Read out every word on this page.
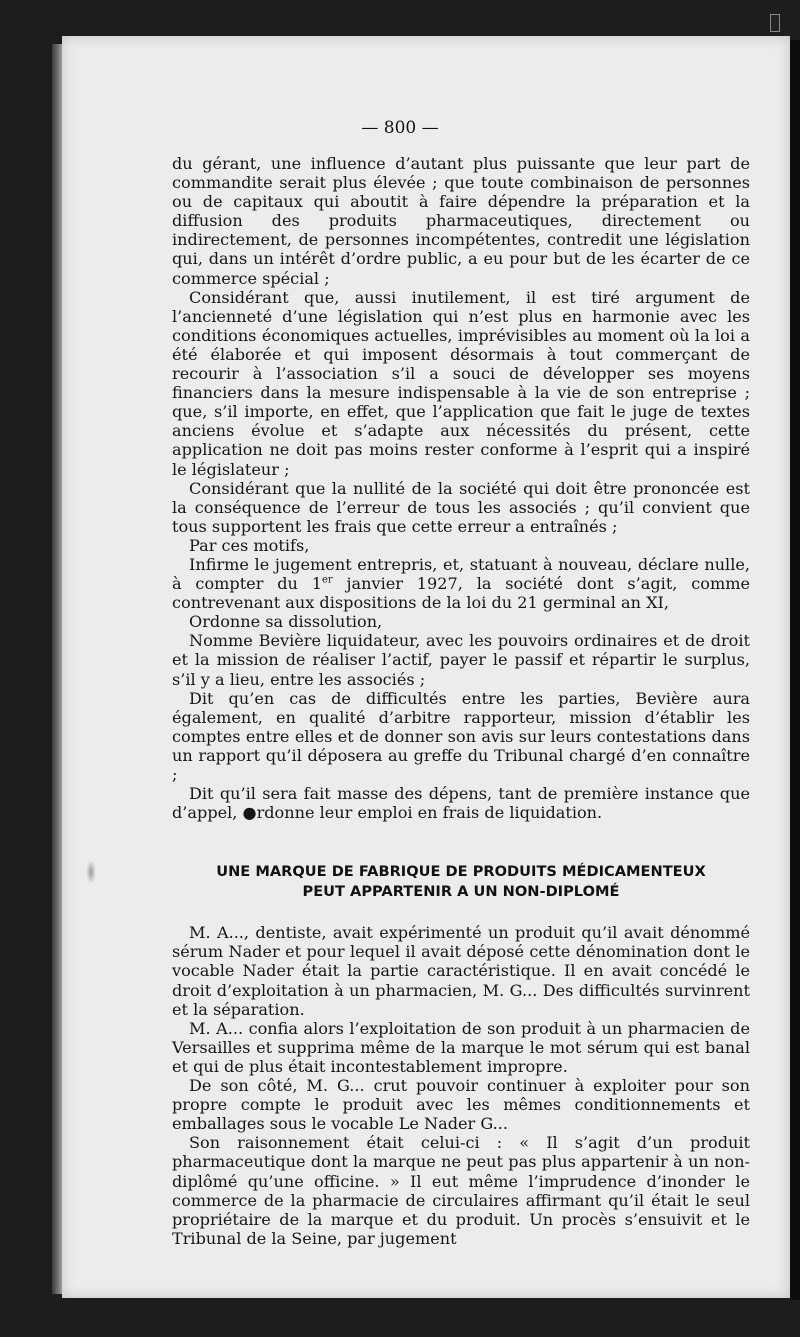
— 800 —

du gérant, une influence d’autant plus puissante que leur part de commandite serait plus élevée ; que toute combinaison de personnes ou de capitaux qui aboutit à faire dépendre la préparation et la diffusion des produits pharmaceutiques, directement ou indirectement, de personnes incompétentes, contredit une législation qui, dans un intérêt d’ordre public, a eu pour but de les écarter de ce commerce spécial ;

Considérant que, aussi inutilement, il est tiré argument de l’ancienneté d’une législation qui n’est plus en harmonie avec les conditions économiques actuelles, imprévisibles au moment où la loi a été élaborée et qui imposent désormais à tout commerçant de recourir à l’association s’il a souci de développer ses moyens financiers dans la mesure indispensable à la vie de son entreprise ; que, s’il importe, en effet, que l’application que fait le juge de textes anciens évolue et s’adapte aux nécessités du présent, cette application ne doit pas moins rester conforme à l’esprit qui a inspiré le législateur ;

Considérant que la nullité de la société qui doit être prononcée est la conséquence de l’erreur de tous les associés ; qu’il convient que tous supportent les frais que cette erreur a entraînés ;

Par ces motifs,

Infirme le jugement entrepris, et, statuant à nouveau, déclare nulle, à compter du 1er janvier 1927, la société dont s’agit, comme contrevenant aux dispositions de la loi du 21 germinal an XI,

Ordonne sa dissolution,

Nomme Bevière liquidateur, avec les pouvoirs ordinaires et de droit et la mission de réaliser l’actif, payer le passif et répartir le surplus, s’il y a lieu, entre les associés ;

Dit qu’en cas de difficultés entre les parties, Bevière aura également, en qualité d’arbitre rapporteur, mission d’établir les comptes entre elles et de donner son avis sur leurs contestations dans un rapport qu’il déposera au greffe du Tribunal chargé d’en connaître ;

Dit qu’il sera fait masse des dépens, tant de première instance que d’appel, ●rdonne leur emploi en frais de liquidation.

UNE MARQUE DE FABRIQUE DE PRODUITS MÉDICAMENTEUX
PEUT APPARTENIR A UN NON-DIPLOMÉ

M. A..., dentiste, avait expérimenté un produit qu’il avait dénommé sérum Nader et pour lequel il avait déposé cette dénomination dont le vocable Nader était la partie caractéristique. Il en avait concédé le droit d’exploitation à un pharmacien, M. G... Des difficultés survinrent et la séparation.

M. A... confia alors l’exploitation de son produit à un pharmacien de Versailles et supprima même de la marque le mot sérum qui est banal et qui de plus était incontestablement impropre.

De son côté, M. G... crut pouvoir continuer à exploiter pour son propre compte le produit avec les mêmes conditionnements et emballages sous le vocable Le Nader G...

Son raisonnement était celui-ci : « Il s’agit d’un produit pharmaceutique dont la marque ne peut pas plus appartenir à un non-diplômé qu’une officine. » Il eut même l’imprudence d’inonder le commerce de la pharmacie de circulaires affirmant qu’il était le seul propriétaire de la marque et du produit. Un procès s’ensuivit et le Tribunal de la Seine, par jugement
